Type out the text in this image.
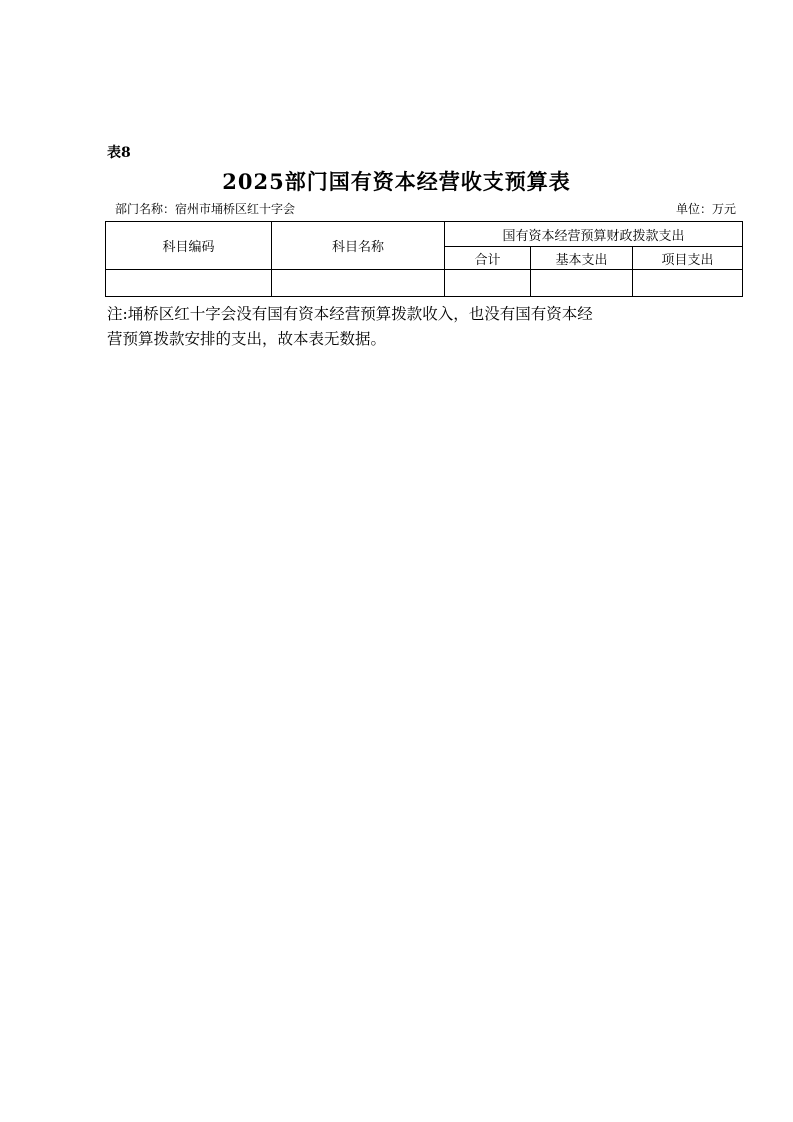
表8
2025部门国有资本经营收支预算表
部门名称：宿州市埇桥区红十字会	单位：万元
科目编码	科目名称	国有资本经营预算财政拨款支出		
		合计	基本支出	项目支出

注:埇桥区红十字会没有国有资本经营预算拨款收入，也没有国有资本经
营预算拨款安排的支出，故本表无数据。
